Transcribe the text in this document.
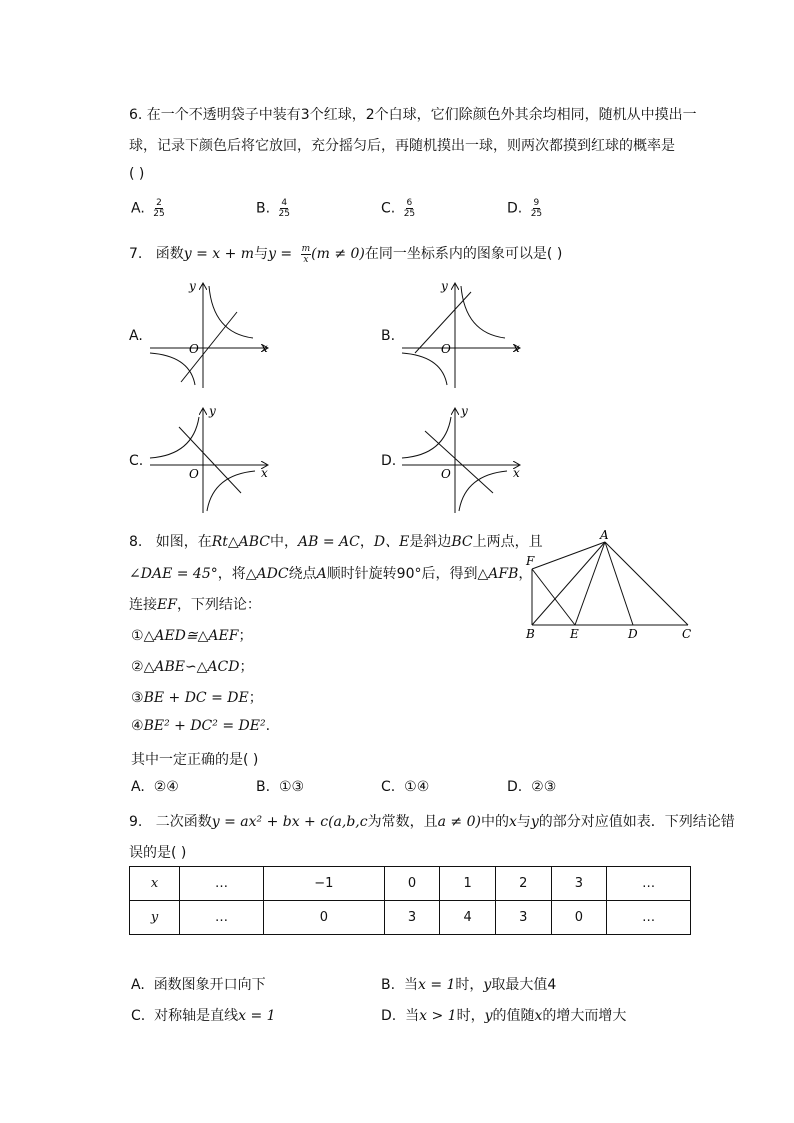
6. 在一个不透明袋子中装有3个红球，2个白球，它们除颜色外其余均相同，随机从中摸出一
球，记录下颜色后将它放回，充分摇匀后，再随机摸出一球，则两次都摸到红球的概率是
( )
A. $\frac{2}{25}$	B. $\frac{4}{25}$	C. $\frac{6}{25}$	D. $\frac{9}{25}$
7. 函数y = x + m与$y = \frac{m}{x} (m \ne 0)$在同一坐标系内的图象可以是( )
A.
y
x
O
B.
y
x
O
C.
y
x
O
D.
y
x
O
8. 如图，在Rt△ABC中，AB = AC，D、E是斜边BC上两点，且
∠DAE = 45°，将△ADC绕点A顺时针旋转90°后，得到△AFB，
连接EF，下列结论：
①△AED≅△AEF；
②△ABE∽△ACD；
③BE + DC = DE；
④BE² + DC² = DE².
其中一定正确的是( )
A. ②④	B. ①③	C. ①④	D. ②③
A
B	C
D
E
F
9. 二次函数y = ax² + bx + c(a,b,c为常数，且a ≠ 0)中的x与y的部分对应值如表．下列结论错
误的是( )
x	…	−1	0	1	2	3	…
y	…	0	3	4	3	0	…
A. 函数图象开口向下	B. 当x = 1时，y取最大值4
C. 对称轴是直线x = 1	D. 当x > 1时，y的值随x的增大而增大
